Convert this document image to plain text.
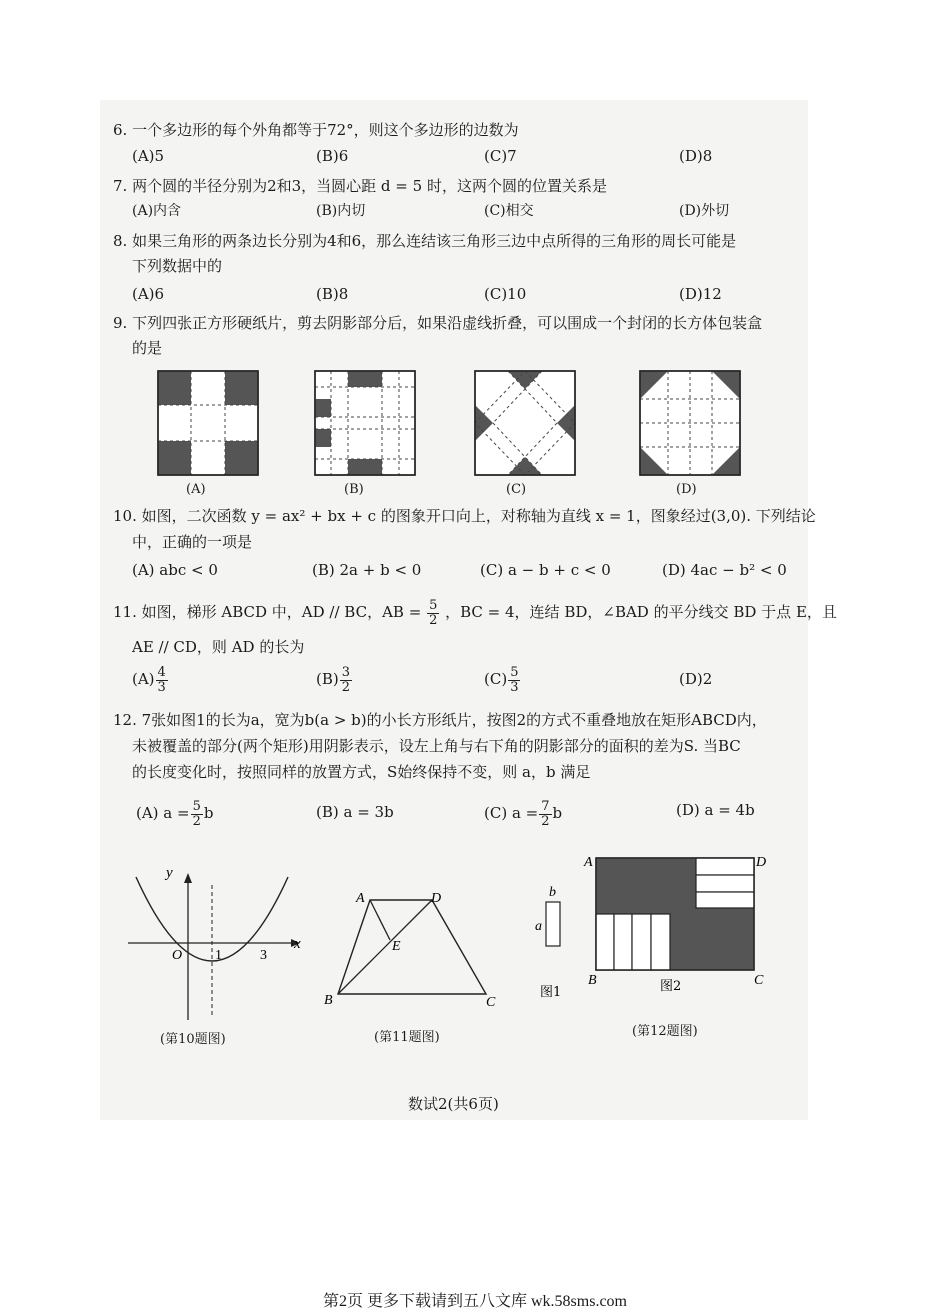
6. 一个多边形的每个外角都等于72°，则这个多边形的边数为
(A)5	(B)6	(C)7	(D)8
7. 两个圆的半径分别为2和3，当圆心距 d = 5 时，这两个圆的位置关系是
(A)内含	(B)内切	(C)相交	(D)外切
8. 如果三角形的两条边长分别为4和6，那么连结该三角形三边中点所得的三角形的周长可能是
下列数据中的
(A)6	(B)8	(C)10	(D)12
9. 下列四张正方形硬纸片，剪去阴影部分后，如果沿虚线折叠，可以围成一个封闭的长方体包装盒
的是
(A)	(B)	(C)	(D)
10. 如图，二次函数 y = ax² + bx + c 的图象开口向上，对称轴为直线 x = 1，图象经过(3,0). 下列结论
中，正确的一项是
(A) abc < 0	(B) 2a + b < 0	(C) a − b + c < 0	(D) 4ac − b² < 0
11. 如图，梯形 ABCD 中，AD // BC，AB = $\frac{5}{2}$ ，BC = 4，连结 BD，∠BAD 的平分线交 BD 于点 E，且
AE // CD，则 AD 的长为
$(A) \frac{4}{3}$	$(B) \frac{3}{2}$	$(C) \frac{5}{3}$	(D)2
12. 7张如图1的长为a，宽为b(a > b)的小长方形纸片，按图2的方式不重叠地放在矩形ABCD内，
未被覆盖的部分(两个矩形)用阴影表示，设左上角与右下角的阴影部分的面积的差为S. 当BC
的长度变化时，按照同样的放置方式，S始终保持不变，则 a，b 满足
(A) $a = \frac{5}{2}$ b	(B) a = 3b	(C) $a = \frac{7}{2}$ b	(D) a = 4b
y
x
O 1	3
(第10题图)
A	D
B	C
E
(第11题图)
b
a
图1
A	D
B	C
图2
(第12题图)
数试2(共6页)
第2页 更多下载请到五八文库 wk.58sms.com
